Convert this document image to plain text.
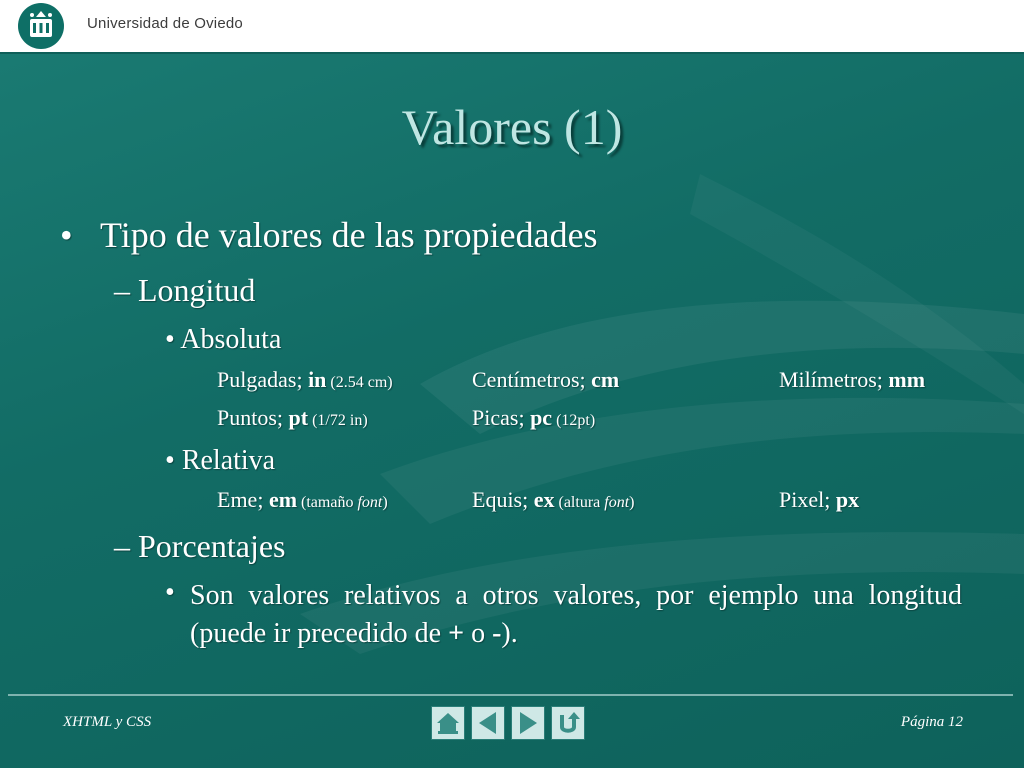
Universidad de Oviedo
Valores (1)
• Tipo de valores de las propiedades
– Longitud
• Absoluta
Pulgadas; in (2.54 cm)	Centímetros; cm	Milímetros; mm
Puntos; pt (1/72 in)	Picas; pc (12pt)
• Relativa
Eme; em (tamaño font)	Equis; ex (altura font)	Pixel; px
– Porcentajes
• Son valores relativos a otros valores, por ejemplo una longitud (puede ir precedido de + o -).
XHTML y CSS	Página 12
